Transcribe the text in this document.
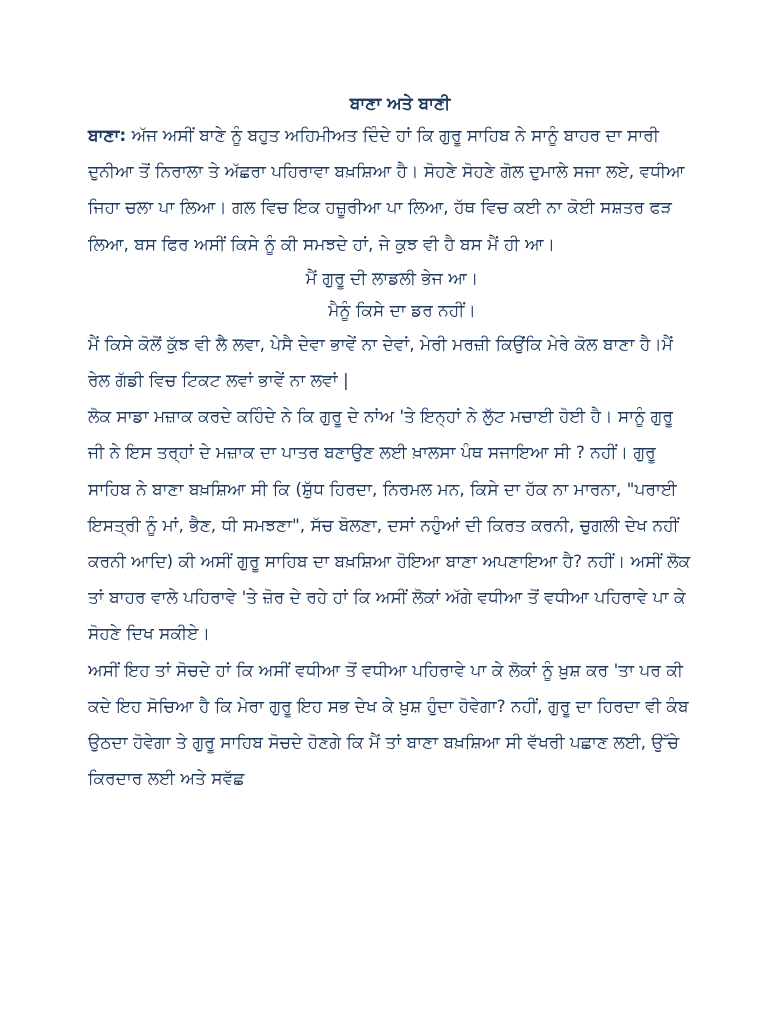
ਬਾਣਾ ਅਤੇ ਬਾਣੀ

ਬਾਣਾ: ਅੱਜ ਅਸੀਂ ਬਾਣੇ ਨੂੰ ਬਹੁਤ ਅਹਿਮੀਅਤ ਦਿੰਦੇ ਹਾਂ ਕਿ ਗੁਰੂ ਸਾਹਿਬ ਨੇ ਸਾਨੂੰ ਬਾਹਰ ਦਾ ਸਾਰੀ ਦੁਨੀਆ ਤੋਂ ਨਿਰਾਲਾ ਤੇ ਅੱਛਰਾ ਪਹਿਰਾਵਾ ਬਖ਼ਸ਼ਿਆ ਹੈ। ਸੋਹਣੇ ਸੋਹਣੇ ਗੋਲ ਦੁਮਾਲੇ ਸਜਾ ਲਏ, ਵਧੀਆ ਜਿਹਾ ਚਲਾ ਪਾ ਲਿਆ। ਗਲ ਵਿਚ ਇਕ ਹਜ਼ੂਰੀਆ ਪਾ ਲਿਆ, ਹੱਥ ਵਿਚ ਕਈ ਨਾ ਕੋਈ ਸਸ਼ਤਰ ਫੜ ਲਿਆ, ਬਸ ਫਿਰ ਅਸੀਂ ਕਿਸੇ ਨੂੰ ਕੀ ਸਮਝਦੇ ਹਾਂ, ਜੇ ਕੁਝ ਵੀ ਹੈ ਬਸ ਮੈਂ ਹੀ ਆ।

ਮੈਂ ਗੁਰੂ ਦੀ ਲਾਡਲੀ ਭੇਜ ਆ।

ਮੈਨੂੰ ਕਿਸੇ ਦਾ ਡਰ ਨਹੀਂ।

ਮੈਂ ਕਿਸੇ ਕੋਲੋਂ ਕੁੱਝ ਵੀ ਲੈ ਲਵਾ, ਪੇਸੈ ਦੇਵਾ ਭਾਵੇਂ ਨਾ ਦੇਵਾਂ, ਮੇਰੀ ਮਰਜ਼ੀ ਕਿਉਂਕਿ ਮੇਰੇ ਕੋਲ ਬਾਣਾ ਹੈ।ਮੈਂ ਰੇਲ ਗੱਡੀ ਵਿਚ ਟਿਕਟ ਲਵਾਂ ਭਾਵੇਂ ਨਾ ਲਵਾਂ |

ਲੋਕ ਸਾਡਾ ਮਜ਼ਾਕ ਕਰਦੇ ਕਹਿੰਦੇ ਨੇ ਕਿ ਗੁਰੂ ਦੇ ਨਾਂਅ 'ਤੇ ਇਨ੍ਹਾਂ ਨੇ ਲੁੱਟ ਮਚਾਈ ਹੋਈ ਹੈ। ਸਾਨੂੰ ਗੁਰੂ ਜੀ ਨੇ ਇਸ ਤਰ੍ਹਾਂ ਦੇ ਮਜ਼ਾਕ ਦਾ ਪਾਤਰ ਬਣਾਉਣ ਲਈ ਖ਼ਾਲਸਾ ਪੰਥ ਸਜਾਇਆ ਸੀ ? ਨਹੀਂ। ਗੁਰੂ ਸਾਹਿਬ ਨੇ ਬਾਣਾ ਬਖ਼ਸ਼ਿਆ ਸੀ ਕਿ (ਸ਼ੁੱਧ ਹਿਰਦਾ, ਨਿਰਮਲ ਮਨ, ਕਿਸੇ ਦਾ ਹੱਕ ਨਾ ਮਾਰਨਾ, "ਪਰਾਈ ਇਸਤ੍ਰੀ ਨੂੰ ਮਾਂ, ਭੈਣ, ਧੀ ਸਮਝਣਾ", ਸੱਚ ਬੋਲਣਾ, ਦਸਾਂ ਨਹੁੰਆਂ ਦੀ ਕਿਰਤ ਕਰਨੀ, ਚੁਗਲੀ ਦੇਖ ਨਹੀਂ ਕਰਨੀ ਆਦਿ) ਕੀ ਅਸੀਂ ਗੁਰੂ ਸਾਹਿਬ ਦਾ ਬਖ਼ਸ਼ਿਆ ਹੋਇਆ ਬਾਣਾ ਅਪਣਾਇਆ ਹੈ? ਨਹੀਂ। ਅਸੀਂ ਲੋਕ ਤਾਂ ਬਾਹਰ ਵਾਲੇ ਪਹਿਰਾਵੇ 'ਤੇ ਜ਼ੋਰ ਦੇ ਰਹੇ ਹਾਂ ਕਿ ਅਸੀਂ ਲੋਕਾਂ ਅੱਗੇ ਵਧੀਆ ਤੋਂ ਵਧੀਆ ਪਹਿਰਾਵੇ ਪਾ ਕੇ ਸੋਹਣੇ ਦਿਖ ਸਕੀਏ।

ਅਸੀਂ ਇਹ ਤਾਂ ਸੋਚਦੇ ਹਾਂ ਕਿ ਅਸੀਂ ਵਧੀਆ ਤੋਂ ਵਧੀਆ ਪਹਿਰਾਵੇ ਪਾ ਕੇ ਲੋਕਾਂ ਨੂੰ ਖ਼ੁਸ਼ ਕਰ 'ਤਾ ਪਰ ਕੀ ਕਦੇ ਇਹ ਸੋਚਿਆ ਹੈ ਕਿ ਮੇਰਾ ਗੁਰੂ ਇਹ ਸਭ ਦੇਖ ਕੇ ਖ਼ੁਸ਼ ਹੁੰਦਾ ਹੋਵੇਗਾ? ਨਹੀਂ, ਗੁਰੂ ਦਾ ਹਿਰਦਾ ਵੀ ਕੰਬ ਉਠਦਾ ਹੋਵੇਗਾ ਤੇ ਗੁਰੂ ਸਾਹਿਬ ਸੋਚਦੇ ਹੋਣਗੇ ਕਿ ਮੈਂ ਤਾਂ ਬਾਣਾ ਬਖ਼ਸ਼ਿਆ ਸੀ ਵੱਖਰੀ ਪਛਾਣ ਲਈ, ਉੱਚੇ ਕਿਰਦਾਰ ਲਈ ਅਤੇ ਸਵੱਛ
